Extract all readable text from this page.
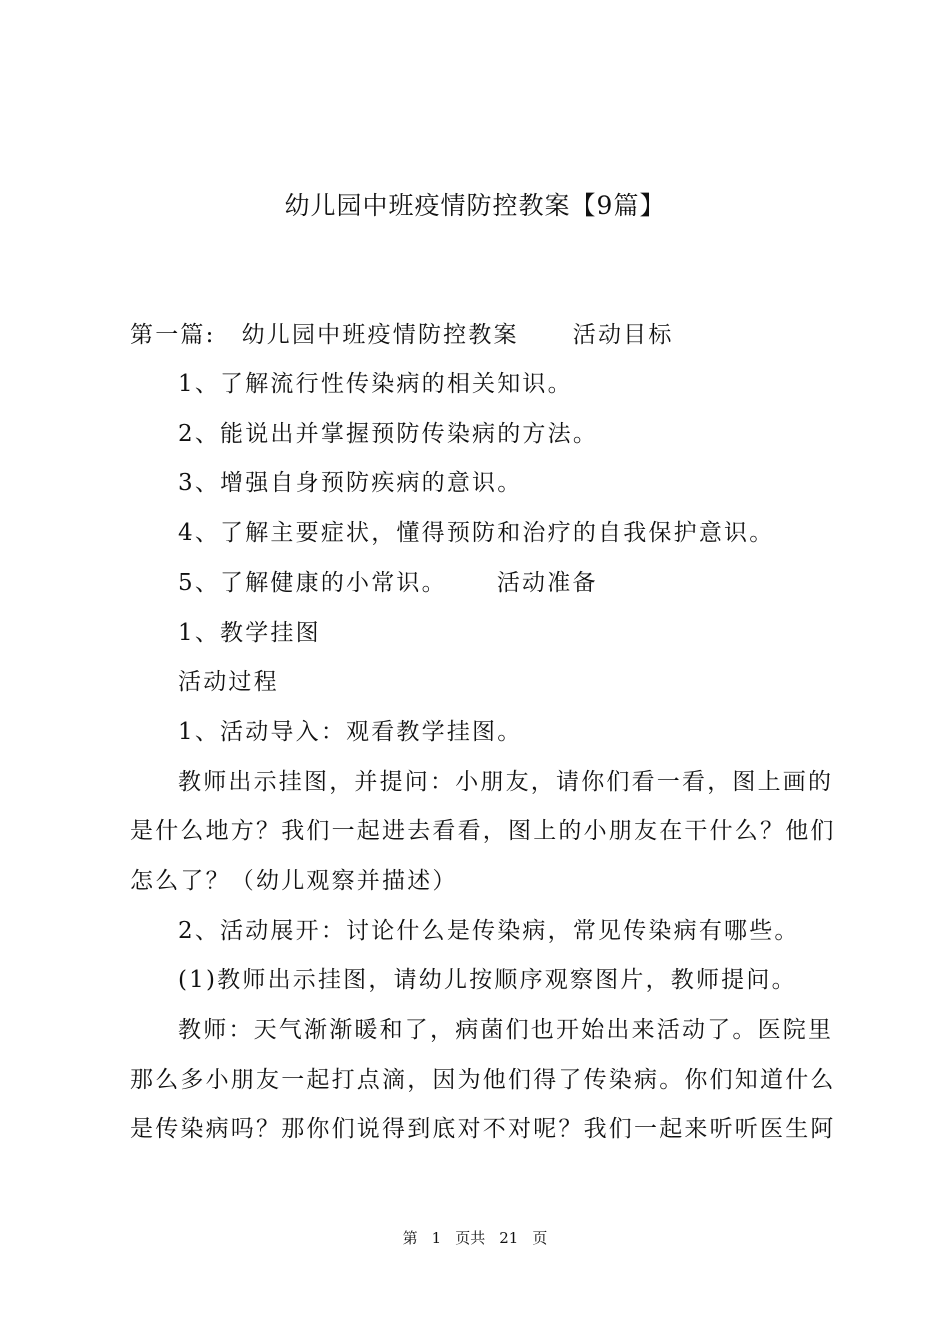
幼儿园中班疫情防控教案【9篇】
第一篇: 幼儿园中班疫情防控教案 活动目标
1、了解流行性传染病的相关知识。
2、能说出并掌握预防传染病的方法。
3、增强自身预防疾病的意识。
4、了解主要症状，懂得预防和治疗的自我保护意识。
5、了解健康的小常识。 活动准备
1、教学挂图
活动过程
1、活动导入：观看教学挂图。
教师出示挂图，并提问：小朋友，请你们看一看，图上画的
是什么地方？我们一起进去看看，图上的小朋友在干什么？他们
怎么了？（幼儿观察并描述）
2、活动展开：讨论什么是传染病，常见传染病有哪些。
(1)教师出示挂图，请幼儿按顺序观察图片，教师提问。
教师：天气渐渐暖和了，病菌们也开始出来活动了。医院里
那么多小朋友一起打点滴，因为他们得了传染病。你们知道什么
是传染病吗？那你们说得到底对不对呢？我们一起来听听医生阿
第 1 页共 21 页
